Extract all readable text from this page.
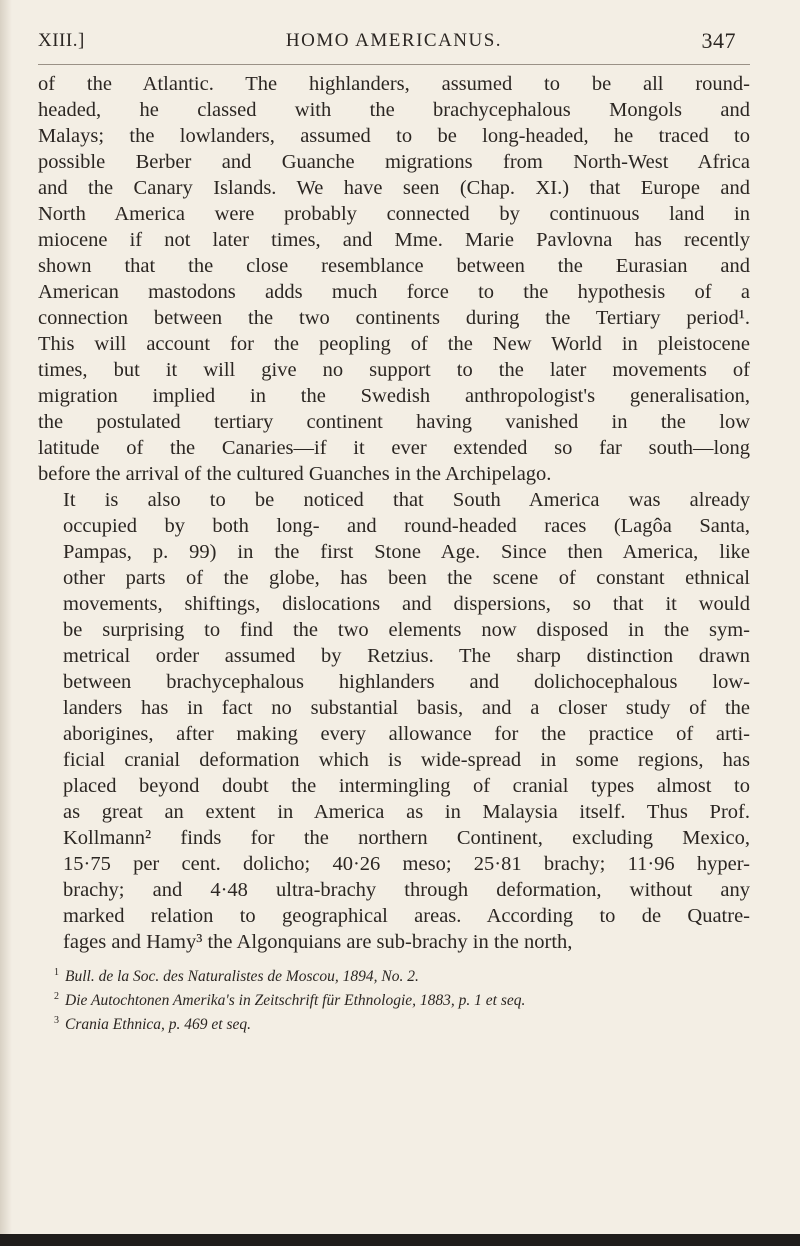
XIII.]	HOMO AMERICANUS.	347

of the Atlantic. The highlanders, assumed to be all round-
headed, he classed with the brachycephalous Mongols and
Malays; the lowlanders, assumed to be long-headed, he traced to
possible Berber and Guanche migrations from North-West Africa
and the Canary Islands. We have seen (Chap. XI.) that Europe and
North America were probably connected by continuous land in
miocene if not later times, and Mme. Marie Pavlovna has recently
shown that the close resemblance between the Eurasian and
American mastodons adds much force to the hypothesis of a
connection between the two continents during the Tertiary period¹.
This will account for the peopling of the New World in pleistocene
times, but it will give no support to the later movements of
migration implied in the Swedish anthropologist's generalisation,
the postulated tertiary continent having vanished in the low
latitude of the Canaries—if it ever extended so far south—long
before the arrival of the cultured Guanches in the Archipelago.

It is also to be noticed that South America was already
occupied by both long- and round-headed races (Lagôa Santa,
Pampas, p. 99) in the first Stone Age. Since then America, like
other parts of the globe, has been the scene of constant ethnical
movements, shiftings, dislocations and dispersions, so that it would
be surprising to find the two elements now disposed in the sym-
metrical order assumed by Retzius. The sharp distinction drawn
between brachycephalous highlanders and dolichocephalous low-
landers has in fact no substantial basis, and a closer study of the
aborigines, after making every allowance for the practice of arti-
ficial cranial deformation which is wide-spread in some regions, has
placed beyond doubt the intermingling of cranial types almost to
as great an extent in America as in Malaysia itself. Thus Prof.
Kollmann² finds for the northern Continent, excluding Mexico,
15·75 per cent. dolicho; 40·26 meso; 25·81 brachy; 11·96 hyper-
brachy; and 4·48 ultra-brachy through deformation, without any
marked relation to geographical areas. According to de Quatre-
fages and Hamy³ the Algonquians are sub-brachy in the north,

$^1$ Bull. de la Soc. des Naturalistes de Moscou, 1894, No. 2.

$^2$ Die Autochtonen Amerika's in Zeitschrift für Ethnologie, 1883, p. 1 et seq.

$^3$ Crania Ethnica, p. 469 et seq.
